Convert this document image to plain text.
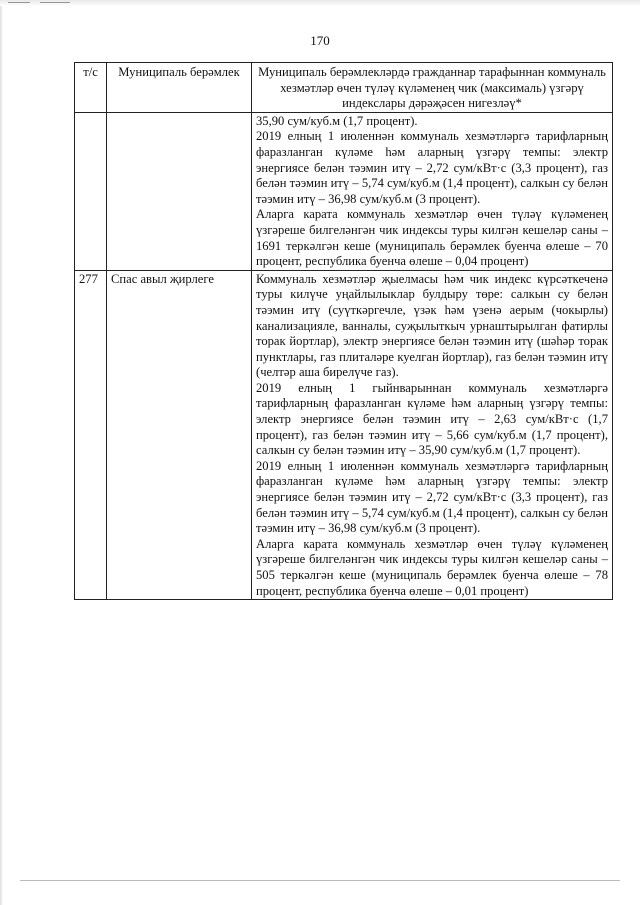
170
т/с	Муниципаль берәмлек	Муниципаль берәмлекләрдә гражданнар тарафыннан коммуналь хезмәтләр өчен түләү күләменең чик (максималь) үзгәрү индекслары дәрәҗәсен нигезләү*

		35,90 сум/куб.м (1,7 процент).

2019 елның 1 июленнән коммуналь хезмәтләргә тарифларның фаразланган күләме һәм аларның үзгәрү темпы: электр энергиясе белән тәэмин итү – 2,72 сум/кВт·с (3,3 процент), газ белән тәэмин итү – 5,74 сум/куб.м (1,4 процент), салкын су белән тәэмин итү – 36,98 сум/куб.м (3 процент).

Аларга карата коммуналь хезмәтләр өчен түләү күләменең үзгәреше билгеләнгән чик индексы туры килгән кешеләр саны – 1691 теркәлгән кеше (муниципаль берәмлек буенча өлеше – 70 процент, республика буенча өлеше – 0,04 процент)

277	Спас авыл җирлеге	Коммуналь хезмәтләр җыелмасы һәм чик индекс күрсәткеченә туры килүче уңайлылыклар булдыру төре: салкын су белән тәэмин итү (суүткәргечле, үзәк һәм үзенә аерым (чокырлы) канализацияле, ванналы, суҗылыткыч урнаштырылган фатирлы торак йортлар), электр энергиясе белән тәэмин итү (шәһәр торак пунктлары, газ плиталәре куелган йортлар), газ белән тәэмин итү (челтәр аша бирелүче газ).

2019 елның 1 гыйнварыннан коммуналь хезмәтләргә тарифларның фаразланган күләме һәм аларның үзгәрү темпы: электр энергиясе белән тәэмин итү – 2,63 сум/кВт·с (1,7 процент), газ белән тәэмин итү – 5,66 сум/куб.м (1,7 процент), салкын су белән тәэмин итү – 35,90 сум/куб.м (1,7 процент).

2019 елның 1 июленнән коммуналь хезмәтләргә тарифларның фаразланган күләме һәм аларның үзгәрү темпы: электр энергиясе белән тәэмин итү – 2,72 сум/кВт·с (3,3 процент), газ белән тәэмин итү – 5,74 сум/куб.м (1,4 процент), салкын су белән тәэмин итү – 36,98 сум/куб.м (3 процент).

Аларга карата коммуналь хезмәтләр өчен түләү күләменең үзгәреше билгеләнгән чик индексы туры килгән кешеләр саны – 505 теркәлгән кеше (муниципаль берәмлек буенча өлеше – 78 процент, республика буенча өлеше – 0,01 процент)
